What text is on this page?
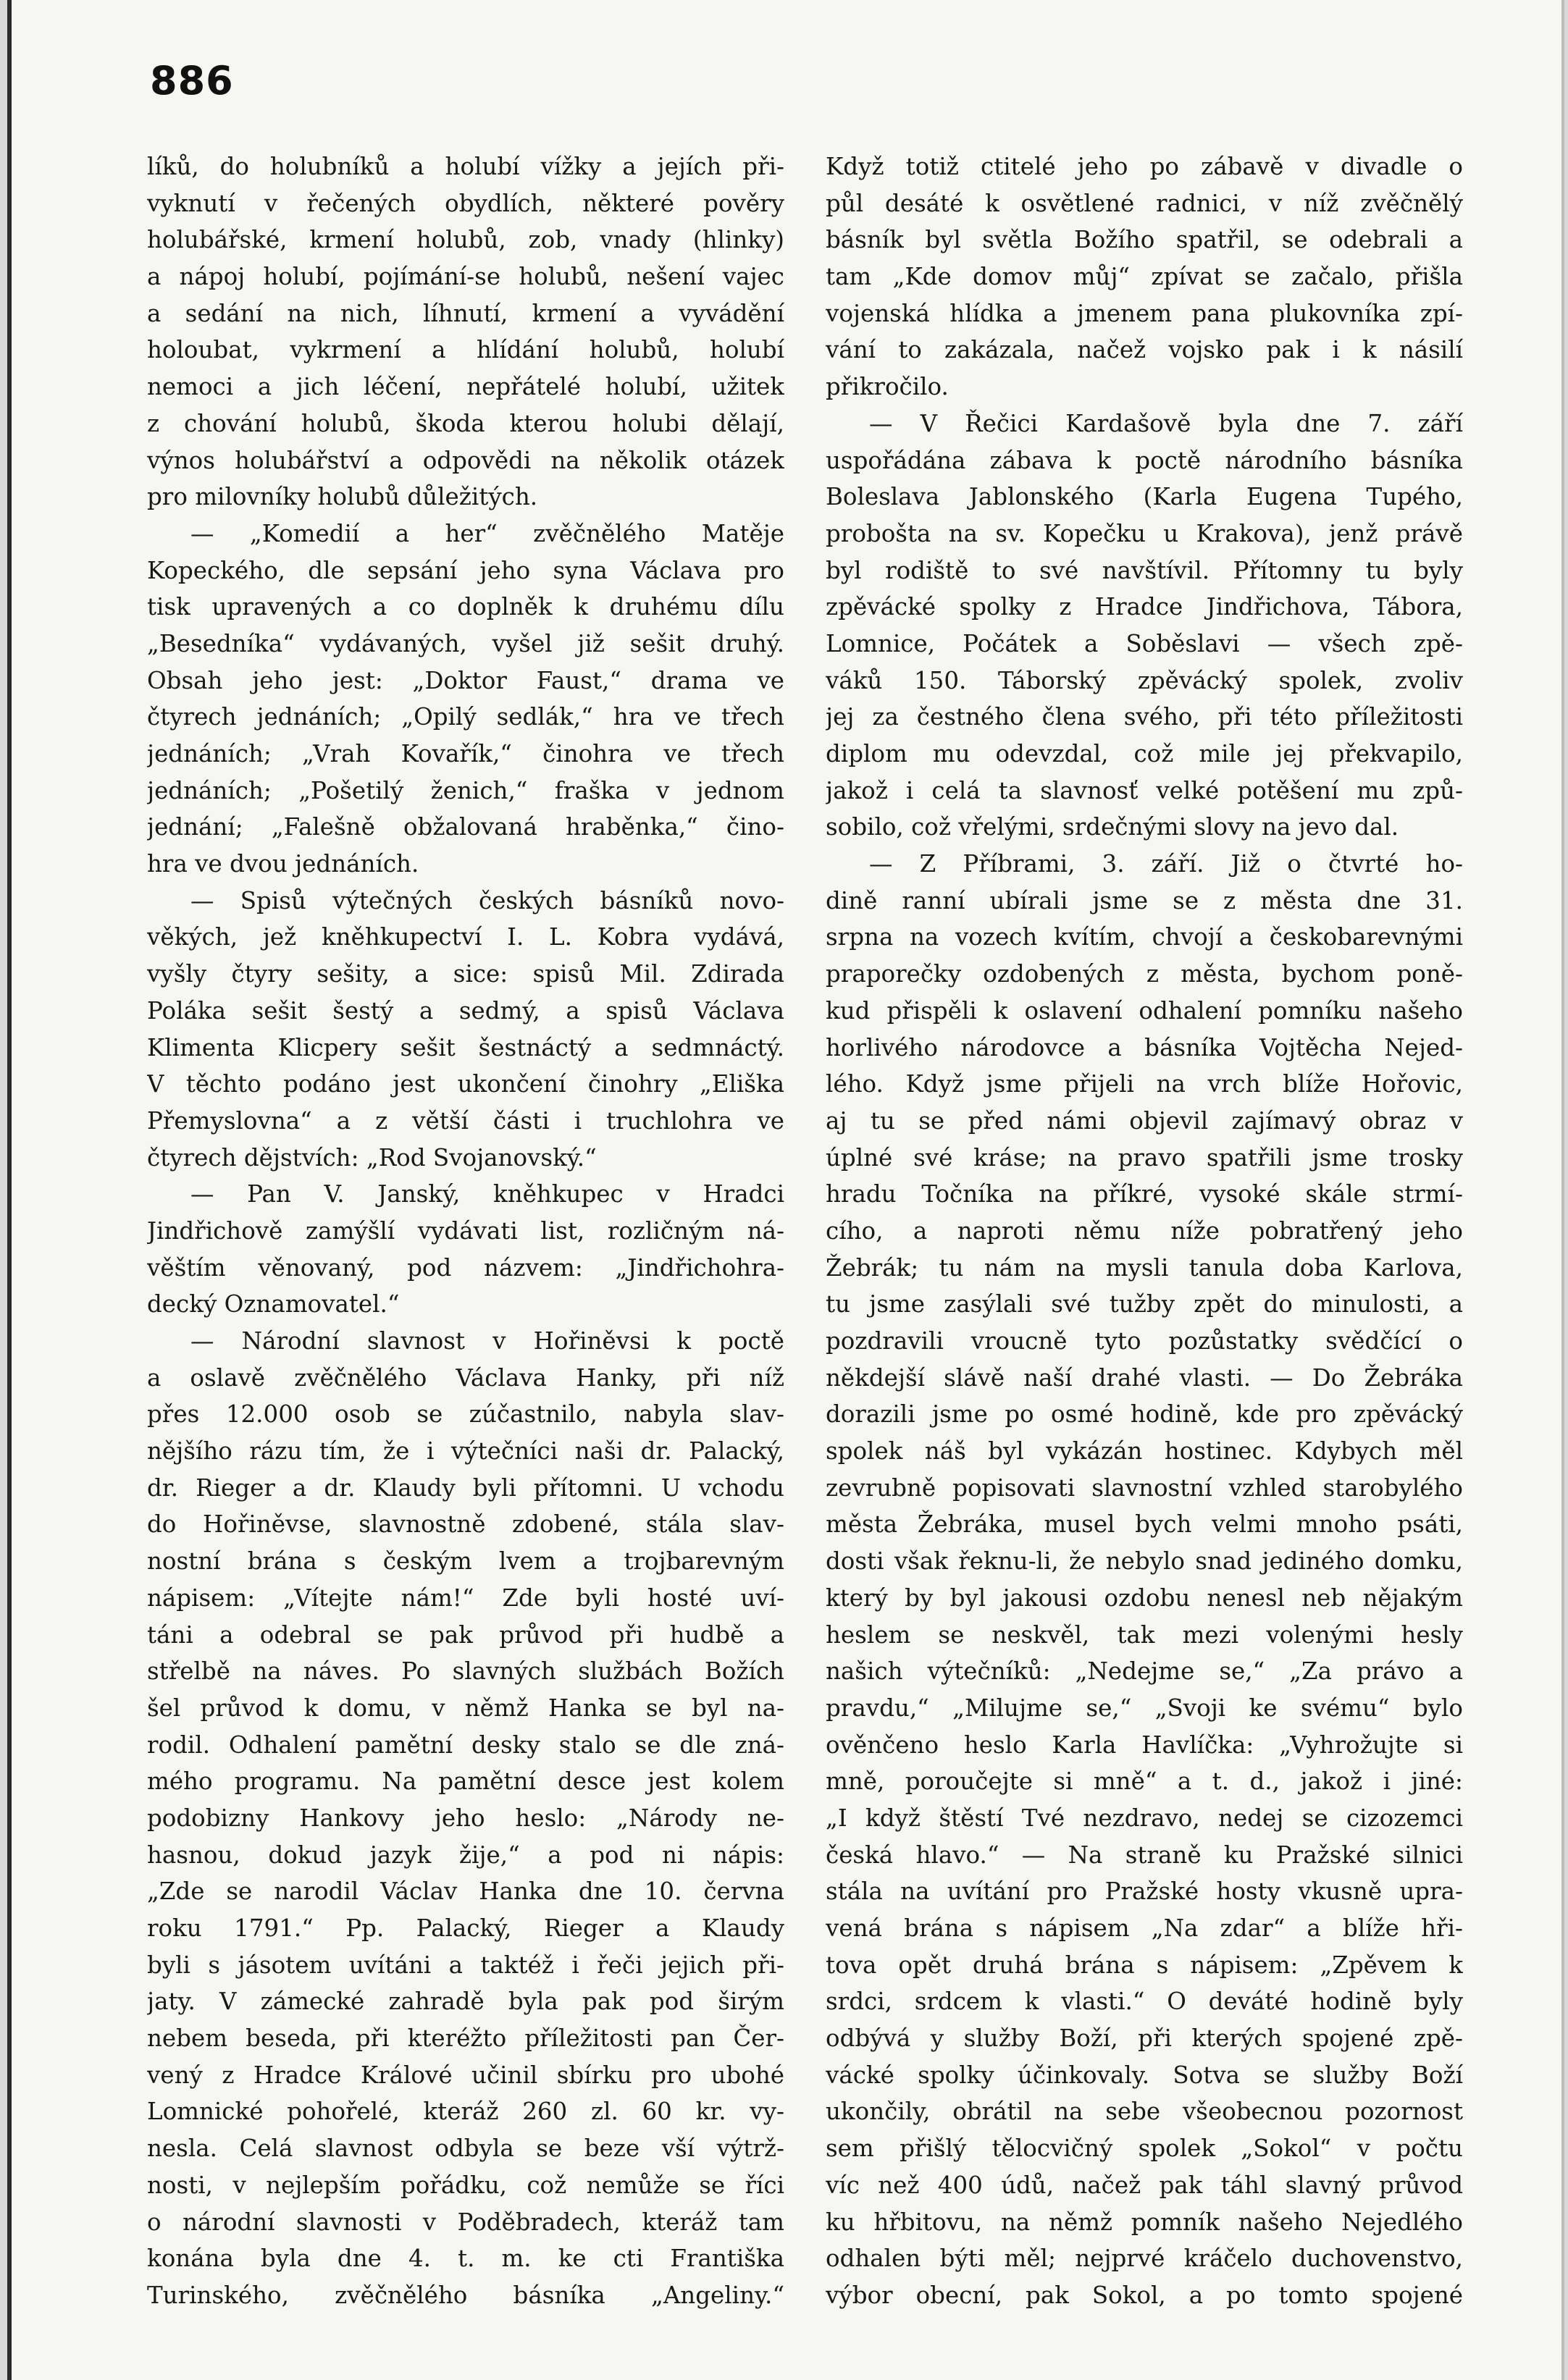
886
líků, do holubníků a holubí vížky a jejích při-
vyknutí v řečených obydlích, některé pověry
holubářské, krmení holubů, zob, vnady (hlinky)
a nápoj holubí, pojímání-se holubů, nešení vajec
a sedání na nich, líhnutí, krmení a vyvádění
holoubat, vykrmení a hlídání holubů, holubí
nemoci a jich léčení, nepřátelé holubí, užitek
z chování holubů, škoda kterou holubi dělají,
výnos holubářství a odpovědi na několik otázek
pro milovníky holubů důležitých.
— „Komedií a her“ zvěčnělého Matěje
Kopeckého, dle sepsání jeho syna Václava pro
tisk upravených a co doplněk k druhému dílu
„Besedníka“ vydávaných, vyšel již sešit druhý.
Obsah jeho jest: „Doktor Faust,“ drama ve
čtyrech jednáních; „Opilý sedlák,“ hra ve třech
jednáních; „Vrah Kovařík,“ činohra ve třech
jednáních; „Pošetilý ženich,“ fraška v jednom
jednání; „Falešně obžalovaná hraběnka,“ čino-
hra ve dvou jednáních.
— Spisů výtečných českých básníků novo-
věkých, jež kněhkupectví I. L. Kobra vydává,
vyšly čtyry sešity, a sice: spisů Mil. Zdirada
Poláka sešit šestý a sedmý, a spisů Václava
Klimenta Klicpery sešit šestnáctý a sedmnáctý.
V těchto podáno jest ukončení činohry „Eliška
Přemyslovna“ a z větší části i truchlohra ve
čtyrech dějstvích: „Rod Svojanovský.“
— Pan V. Janský, kněhkupec v Hradci
Jindřichově zamýšlí vydávati list, rozličným ná-
věštím věnovaný, pod názvem: „Jindřichohra-
decký Oznamovatel.“
— Národní slavnost v Hořiněvsi k poctě
a oslavě zvěčnělého Václava Hanky, při níž
přes 12.000 osob se zúčastnilo, nabyla slav-
nějšího rázu tím, že i výtečníci naši dr. Palacký,
dr. Rieger a dr. Klaudy byli přítomni. U vchodu
do Hořiněvse, slavnostně zdobené, stála slav-
nostní brána s českým lvem a trojbarevným
nápisem: „Vítejte nám!“ Zde byli hosté uví-
táni a odebral se pak průvod při hudbě a
střelbě na náves. Po slavných službách Božích
šel průvod k domu, v němž Hanka se byl na-
rodil. Odhalení pamětní desky stalo se dle zná-
mého programu. Na pamětní desce jest kolem
podobizny Hankovy jeho heslo: „Národy ne-
hasnou, dokud jazyk žije,“ a pod ni nápis:
„Zde se narodil Václav Hanka dne 10. června
roku 1791.“ Pp. Palacký, Rieger a Klaudy
byli s jásotem uvítáni a taktéž i řeči jejich při-
jaty. V zámecké zahradě byla pak pod širým
nebem beseda, při kteréžto příležitosti pan Čer-
vený z Hradce Králové učinil sbírku pro ubohé
Lomnické pohořelé, kteráž 260 zl. 60 kr. vy-
nesla. Celá slavnost odbyla se beze vší výtrž-
nosti, v nejlepším pořádku, což nemůže se říci
o národní slavnosti v Poděbradech, kteráž tam
konána byla dne 4. t. m. ke cti Františka
Turinského, zvěčnělého básníka „Angeliny.“
Když totiž ctitelé jeho po zábavě v divadle o
půl desáté k osvětlené radnici, v níž zvěčnělý
básník byl světla Božího spatřil, se odebrali a
tam „Kde domov můj“ zpívat se začalo, přišla
vojenská hlídka a jmenem pana plukovníka zpí-
vání to zakázala, načež vojsko pak i k násilí
přikročilo.
— V Řečici Kardašově byla dne 7. září
uspořádána zábava k poctě národního básníka
Boleslava Jablonského (Karla Eugena Tupého,
proboštа na sv. Kopečku u Krakova), jenž právě
byl rodiště to své navštívil. Přítomny tu byly
zpěvácké spolky z Hradce Jindřichova, Tábora,
Lomnice, Počátek a Soběslavi — všech zpě-
váků 150. Táborský zpěvácký spolek, zvoliv
jej za čestného člena svého, při této příležitosti
diplom mu odevzdal, což mile jej překvapilo,
jakož i celá ta slavnosť velké potěšení mu způ-
sobilo, což vřelými, srdečnými slovy na jevo dal.
— Z Příbrami, 3. září. Již o čtvrté ho-
dině ranní ubírali jsme se z města dne 31.
srpna na vozech kvítím, chvojí a českobarevnými
praporečky ozdobených z města, bychom poně-
kud přispěli k oslavení odhalení pomníku našeho
horlivého národovce a básníka Vojtěcha Nejed-
lého. Když jsme přijeli na vrch blíže Hořovic,
aj tu se před námi objevil zajímavý obraz v
úplné své kráse; na pravo spatřili jsme trosky
hradu Točníka na příkré, vysoké skále strmí-
cího, a naproti němu níže pobratřený jeho
Žebrák; tu nám na mysli tanula doba Karlova,
tu jsme zasýlali své tužby zpět do minulosti, a
pozdravili vroucně tyto pozůstatky svědčící o
někdejší slávě naší drahé vlasti. — Do Žebráka
dorazili jsme po osmé hodině, kde pro zpěvácký
spolek náš byl vykázán hostinec. Kdybych měl
zevrubně popisovati slavnostní vzhled starobylého
města Žebráka, musel bych velmi mnoho psáti,
dosti však řeknu-li, že nebylo snad jediného domku,
který by byl jakousi ozdobu nenesl neb nějakým
heslem se neskvěl, tak mezi volenými hesly
našich výtečníků: „Nedejme se,“ „Za právo a
pravdu,“ „Milujme se,“ „Svoji ke svému“ bylo
ověnčeno heslo Karla Havlíčka: „Vyhrožujte si
mně, poroučejte si mně“ a t. d., jakož i jiné:
„I když štěstí Tvé nezdravo, nedej se cizozemci
česká hlavo.“ — Na straně ku Pražské silnici
stála na uvítání pro Pražské hosty vkusně upra-
vená brána s nápisem „Na zdar“ a blíže hři-
tova opět druhá brána s nápisem: „Zpěvem k
srdci, srdcem k vlasti.“ O deváté hodině byly
odbývá y služby Boží, při kterých spojené zpě-
vácké spolky účinkovaly. Sotva se služby Boží
ukončily, obrátil na sebe všeobecnou pozornost
sem přišlý tělocvičný spolek „Sokol“ v počtu
víc než 400 údů, načež pak táhl slavný průvod
ku hřbitovu, na němž pomník našeho Nejedlého
odhalen býti měl; nejprvé kráčelo duchovenstvo,
výbor obecní, pak Sokol, a po tomto spojené
